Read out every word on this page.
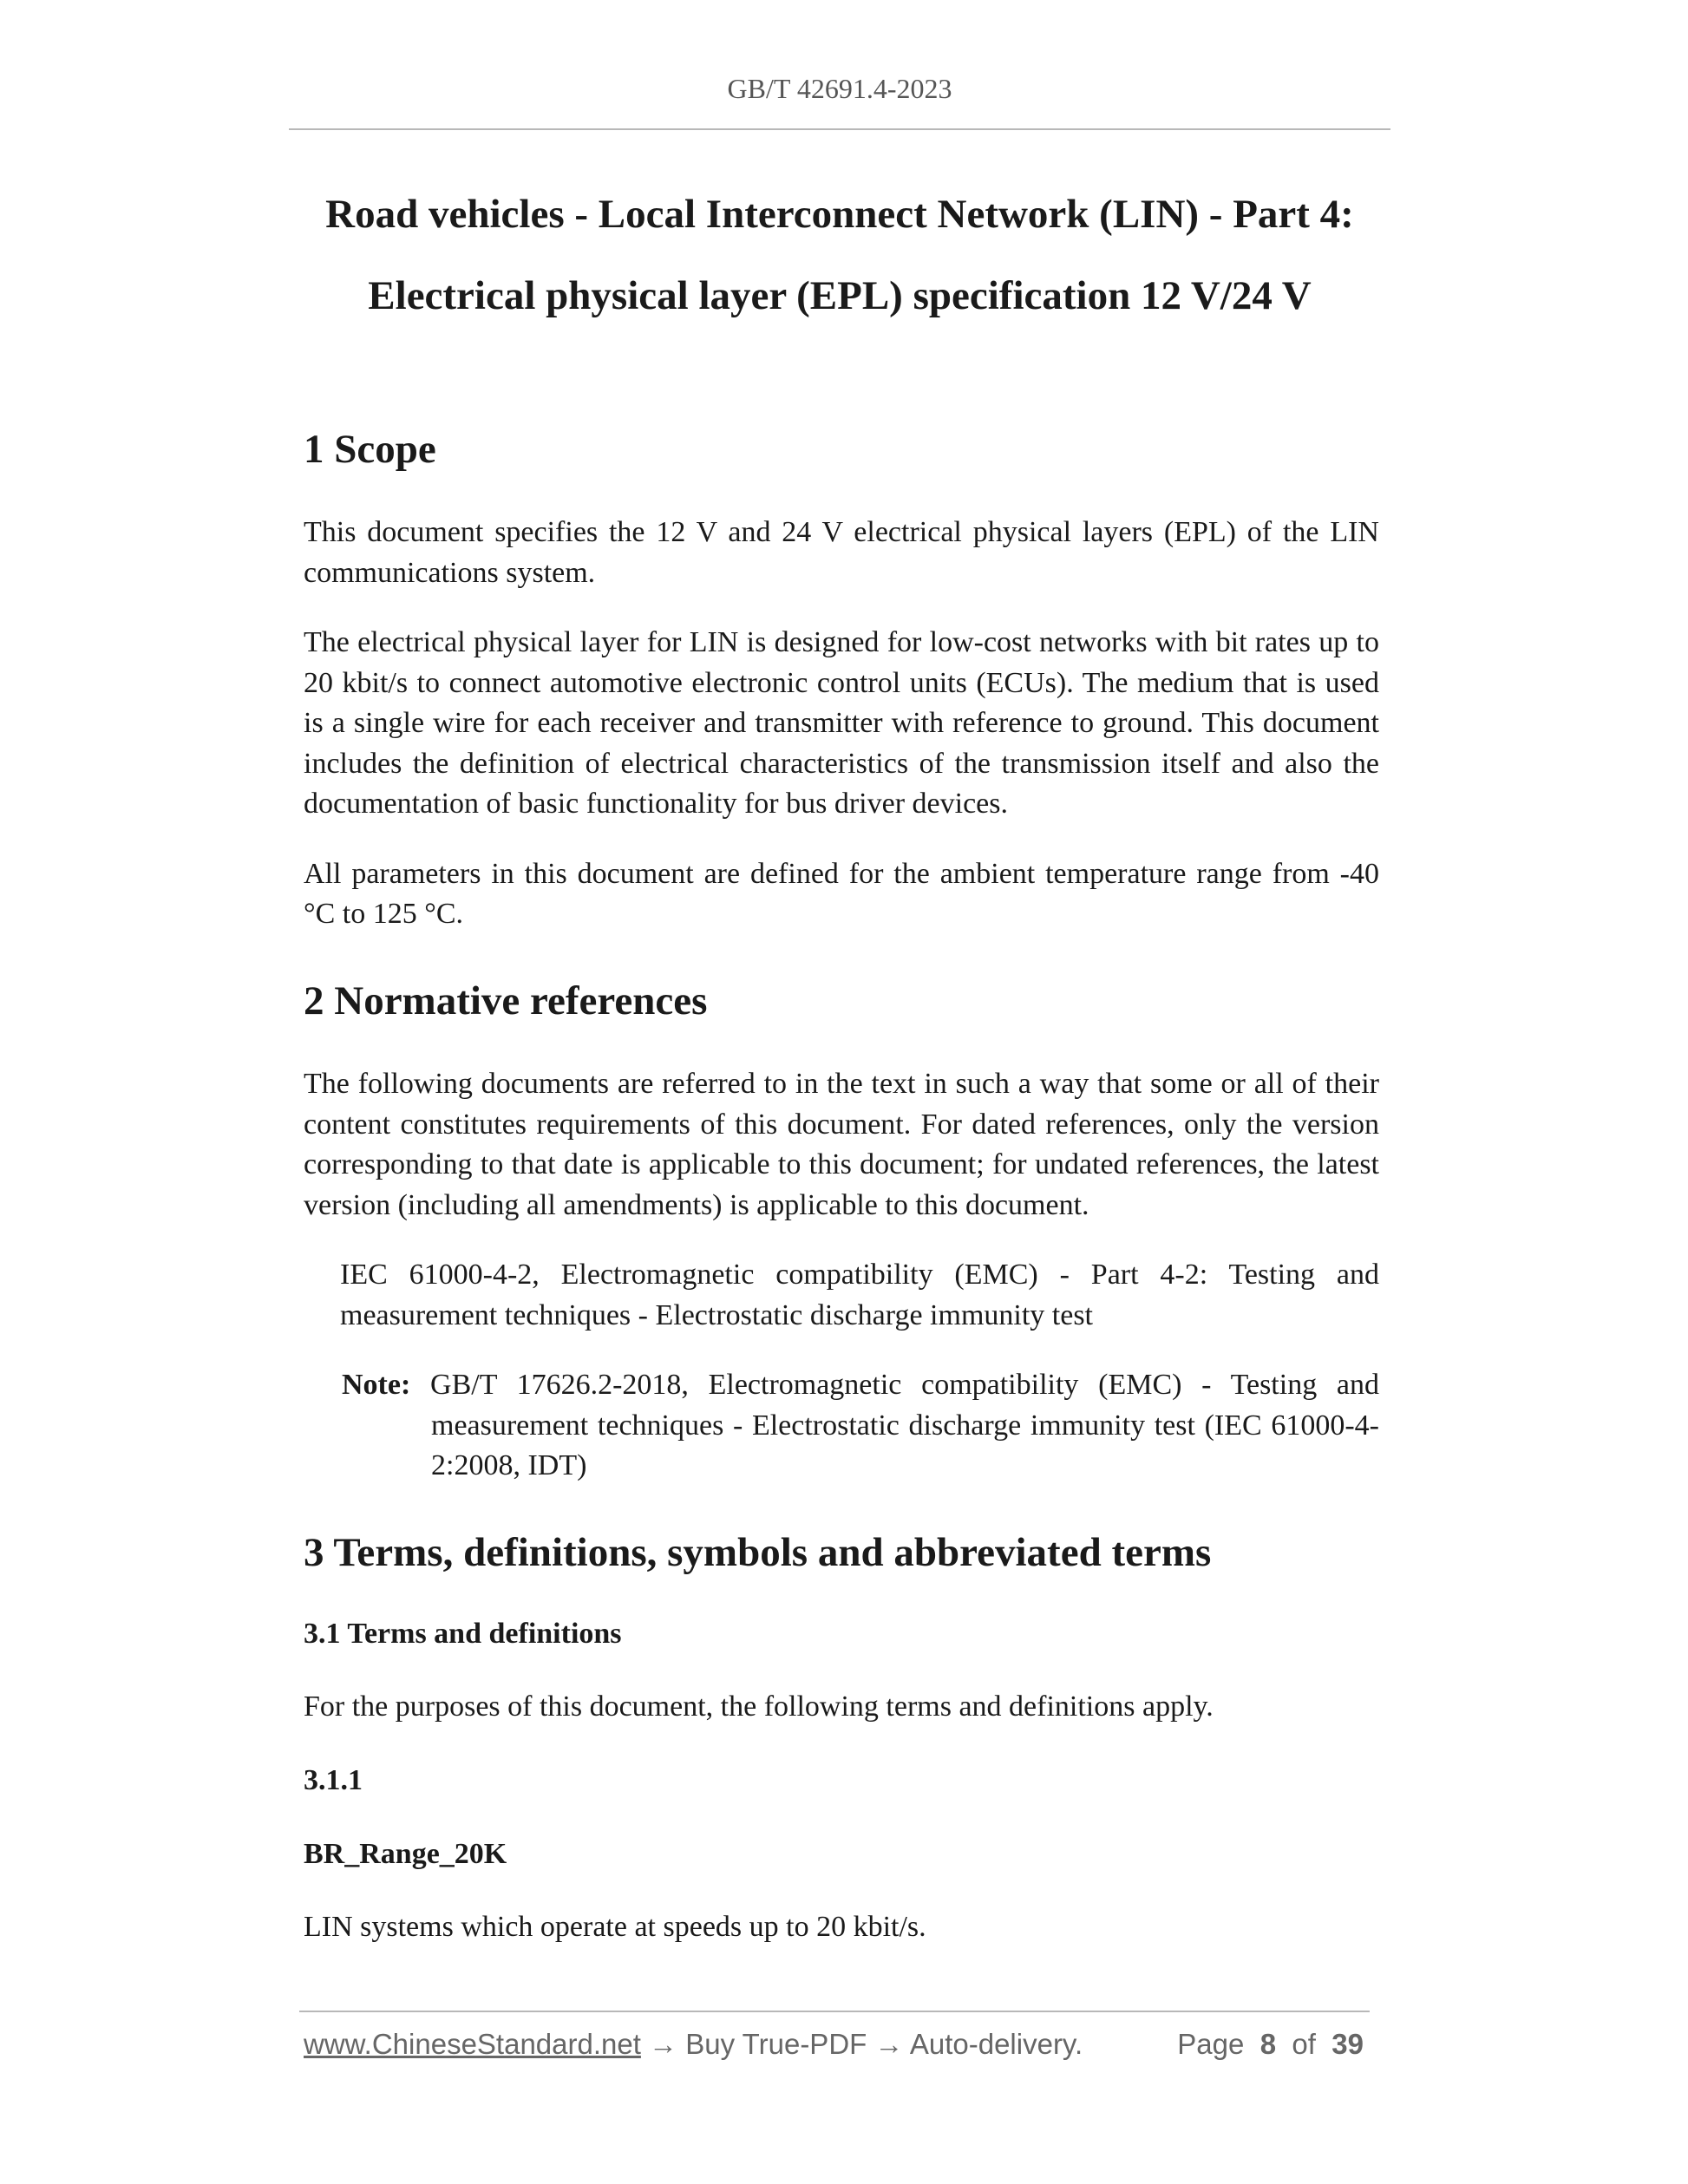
GB/T 42691.4-2023
Road vehicles - Local Interconnect Network (LIN) - Part 4:
Electrical physical layer (EPL) specification 12 V/24 V
1 Scope

This document specifies the 12 V and 24 V electrical physical layers (EPL) of the LIN communications system.

The electrical physical layer for LIN is designed for low-cost networks with bit rates up to 20 kbit/s to connect automotive electronic control units (ECUs). The medium that is used is a single wire for each receiver and transmitter with reference to ground. This document includes the definition of electrical characteristics of the transmission itself and also the documentation of basic functionality for bus driver devices.

All parameters in this document are defined for the ambient temperature range from -40 °C to 125 °C.

2 Normative references

The following documents are referred to in the text in such a way that some or all of their content constitutes requirements of this document. For dated references, only the version corresponding to that date is applicable to this document; for undated references, the latest version (including all amendments) is applicable to this document.

IEC 61000-4-2, Electromagnetic compatibility (EMC) - Part 4-2: Testing and measurement techniques - Electrostatic discharge immunity test

Note: GB/T 17626.2-2018, Electromagnetic compatibility (EMC) - Testing and measurement techniques - Electrostatic discharge immunity test (IEC 61000-4-2:2008, IDT)

3 Terms, definitions, symbols and abbreviated terms
3.1 Terms and definitions

For the purposes of this document, the following terms and definitions apply.

3.1.1
BR_Range_20K

LIN systems which operate at speeds up to 20 kbit/s.

www.ChineseStandard.net → Buy True-PDF → Auto-delivery.	Page 8 of 39
